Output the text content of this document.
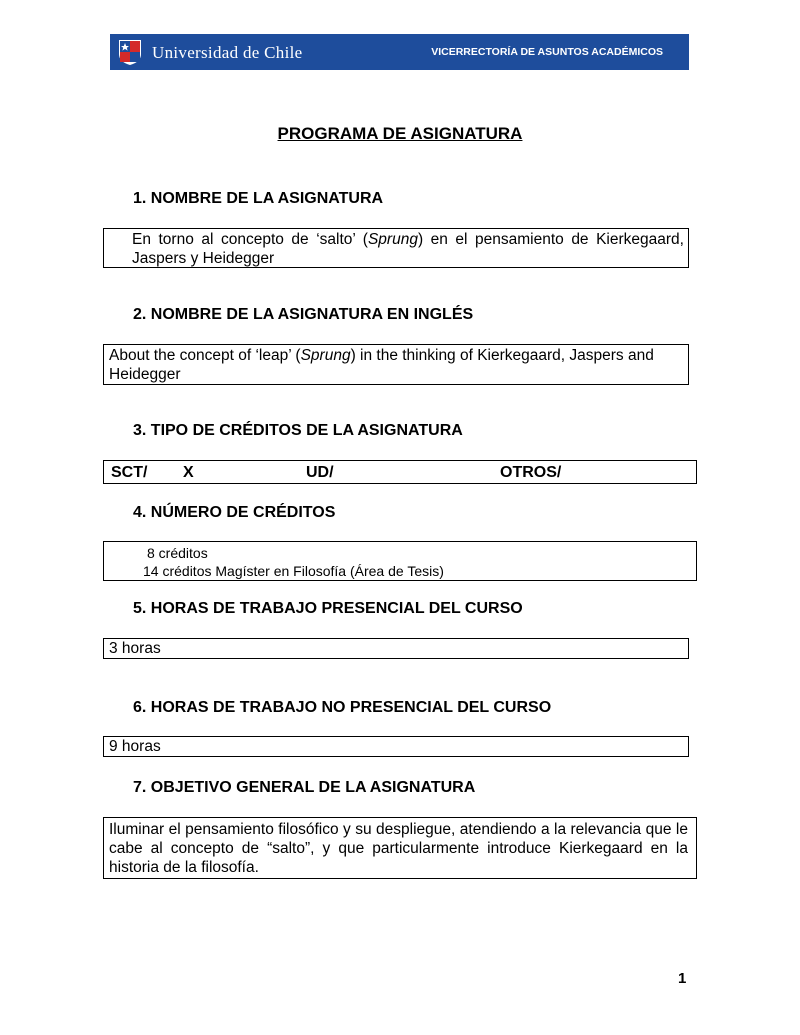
Universidad de Chile	VICERRECTORÍA DE ASUNTOS ACADÉMICOS
PROGRAMA DE ASIGNATURA
1. NOMBRE DE LA ASIGNATURA
En torno al concepto de ‘salto’ (Sprung) en el pensamiento de Kierkegaard, Jaspers y Heidegger
2. NOMBRE DE LA ASIGNATURA EN INGLÉS
About the concept of ‘leap’ (Sprung) in the thinking of Kierkegaard, Jaspers and Heidegger
3. TIPO DE CRÉDITOS DE LA ASIGNATURA
SCT/ X	UD/	OTROS/
4. NÚMERO DE CRÉDITOS
8 créditos
14 créditos Magíster en Filosofía (Área de Tesis)
5. HORAS DE TRABAJO PRESENCIAL DEL CURSO
3 horas
6. HORAS DE TRABAJO NO PRESENCIAL DEL CURSO
9 horas
7. OBJETIVO GENERAL DE LA ASIGNATURA
Iluminar el pensamiento filosófico y su despliegue, atendiendo a la relevancia que le cabe al concepto de “salto”, y que particularmente introduce Kierkegaard en la historia de la filosofía.
1
